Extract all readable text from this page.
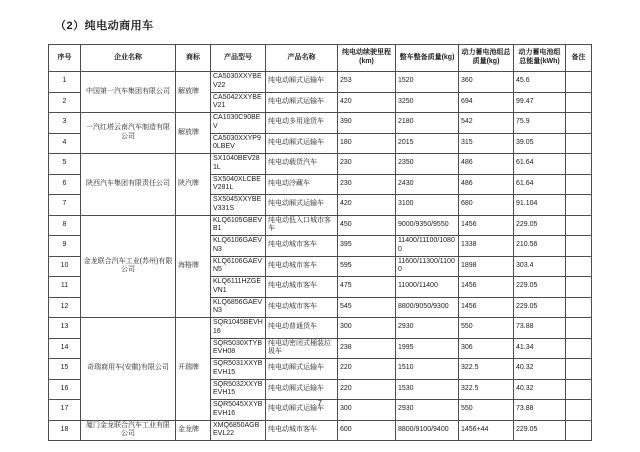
（2）纯电动商用车
序号	企业名称	商标	产品型号	产品名称	纯电动续驶里程(km)	整车整备质量(kg)	动力蓄电池组总质量(kg)	动力蓄电池组总能量(kWh)	备注
1	中国第一汽车集团有限公司	解放牌	CA5030XXYBEV22	纯电动厢式运输车	253	1520	360	45.6	
2			CA5042XXYBEV21	纯电动厢式运输车	420	3250	694	99.47	
3	一汽红塔云南汽车制造有限公司	解放牌	CA1030C90BEV	纯电动多用途货车	390	2180	542	75.9	
4			CA5030XXYP90LBEV	纯电动厢式运输车	180	2015	315	39.05	
5	陕西汽车集团有限责任公司	陕汽牌	SX1040BEV281L	纯电动载货汽车	230	2350	486	61.64	
6			SX5040XLCBEV281L	纯电动冷藏车	230	2430	486	61.64	
7			SX5045XXYBEV331S	纯电动厢式运输车	420	3100	680	91.104	
8	金龙联合汽车工业(苏州)有限公司	海格牌	KLQ6105GBEVB1	纯电动低入口城市客车	450	9000/9350/9550	1456	229.05	
9			KLQ6106GAEVN3	纯电动城市客车	395	11400/11100/10800	1338	210.56	
10			KLQ6106GAEVN5	纯电动城市客车	595	11600/11300/11000	1898	303.4	
11			KLQ6111HZGEVN1	纯电动城市客车	475	11000/11400	1456	229.05	
12			KLQ6856GAEVN3	纯电动城市客车	545	8800/9050/9300	1456	229.05	
13	奇瑞商用车(安徽)有限公司	开瑞牌	SQR1045BEVH16	纯电动普通货车	300	2930	550	73.88	
14			SQR5030XTYBEVH08	纯电动密闭式桶装垃圾车	238	1995	306	41.34	
15			SQR5031XXYBEVH15	纯电动厢式运输车	220	1510	322.5	40.32	
16			SQR5032XXYBEVH15	纯电动厢式运输车	220	1530	322.5	40.32	
17			SQR5045XXYBEVH16	纯电动厢式运输车	300	2930	550	73.88	
18	厦门金龙联合汽车工业有限公司	金龙牌	XMQ6850AGBEVL22	纯电动城市客车	600	8800/9100/9400	1456+44	229.05	
7
